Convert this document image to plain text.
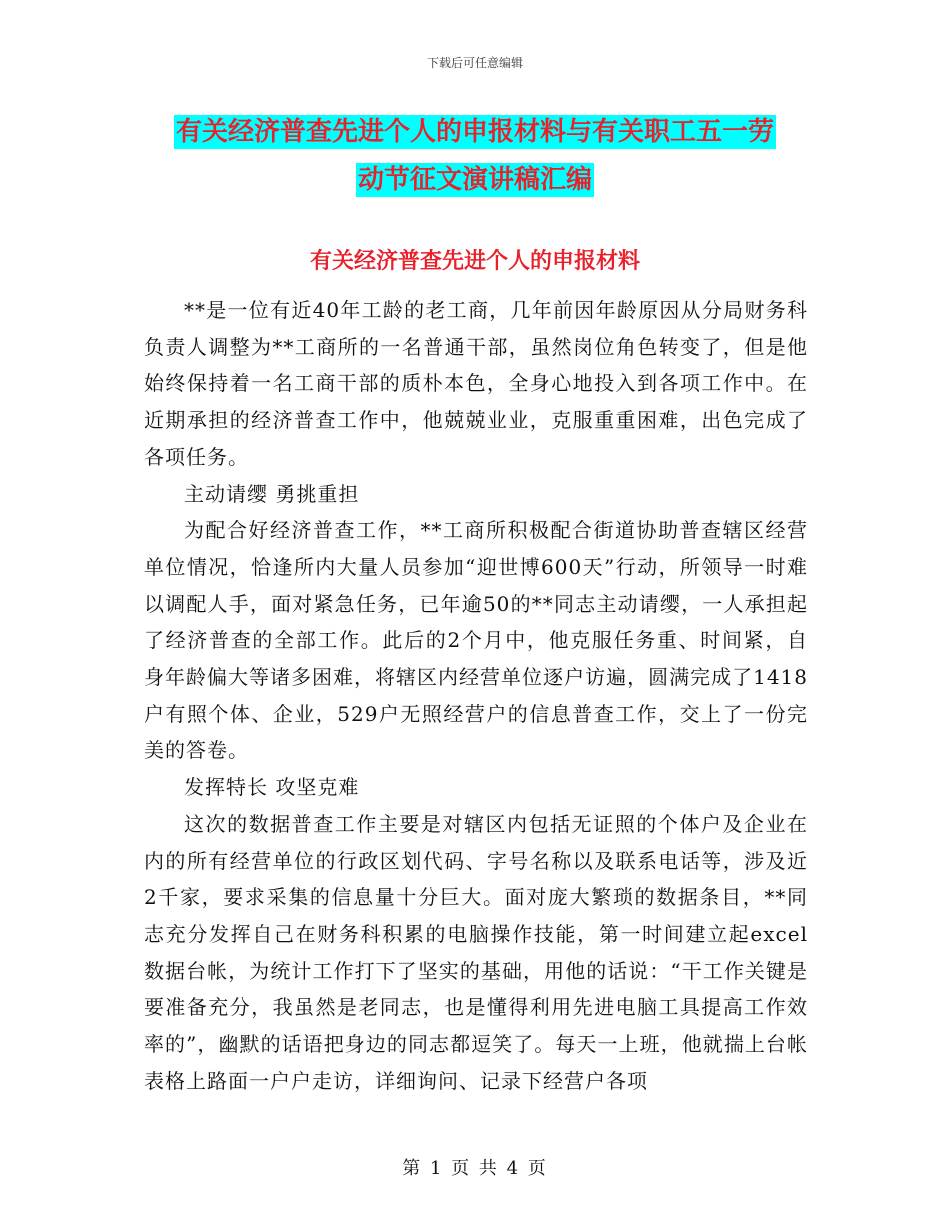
下载后可任意编辑
有关经济普查先进个人的申报材料与有关职工五一劳
动节征文演讲稿汇编
有关经济普查先进个人的申报材料

**是一位有近40年工龄的老工商，几年前因年龄原因从分局财务科负责人调整为**工商所的一名普通干部，虽然岗位角色转变了，但是他始终保持着一名工商干部的质朴本色，全身心地投入到各项工作中。在近期承担的经济普查工作中，他兢兢业业，克服重重困难，出色完成了各项任务。

主动请缨 勇挑重担

为配合好经济普查工作，**工商所积极配合街道协助普查辖区经营单位情况，恰逢所内大量人员参加“迎世博600天”行动，所领导一时难以调配人手，面对紧急任务，已年逾50的**同志主动请缨，一人承担起了经济普查的全部工作。此后的2个月中，他克服任务重、时间紧，自身年龄偏大等诸多困难，将辖区内经营单位逐户访遍，圆满完成了1418户有照个体、企业，529户无照经营户的信息普查工作，交上了一份完美的答卷。

发挥特长 攻坚克难

这次的数据普查工作主要是对辖区内包括无证照的个体户及企业在内的所有经营单位的行政区划代码、字号名称以及联系电话等，涉及近2千家，要求采集的信息量十分巨大。面对庞大繁琐的数据条目，**同志充分发挥自己在财务科积累的电脑操作技能，第一时间建立起excel数据台帐，为统计工作打下了坚实的基础，用他的话说：“干工作关键是要准备充分，我虽然是老同志，也是懂得利用先进电脑工具提高工作效率的”，幽默的话语把身边的同志都逗笑了。每天一上班，他就揣上台帐表格上路面一户户走访，详细询问、记录下经营户各项

第 1 页 共 4 页
